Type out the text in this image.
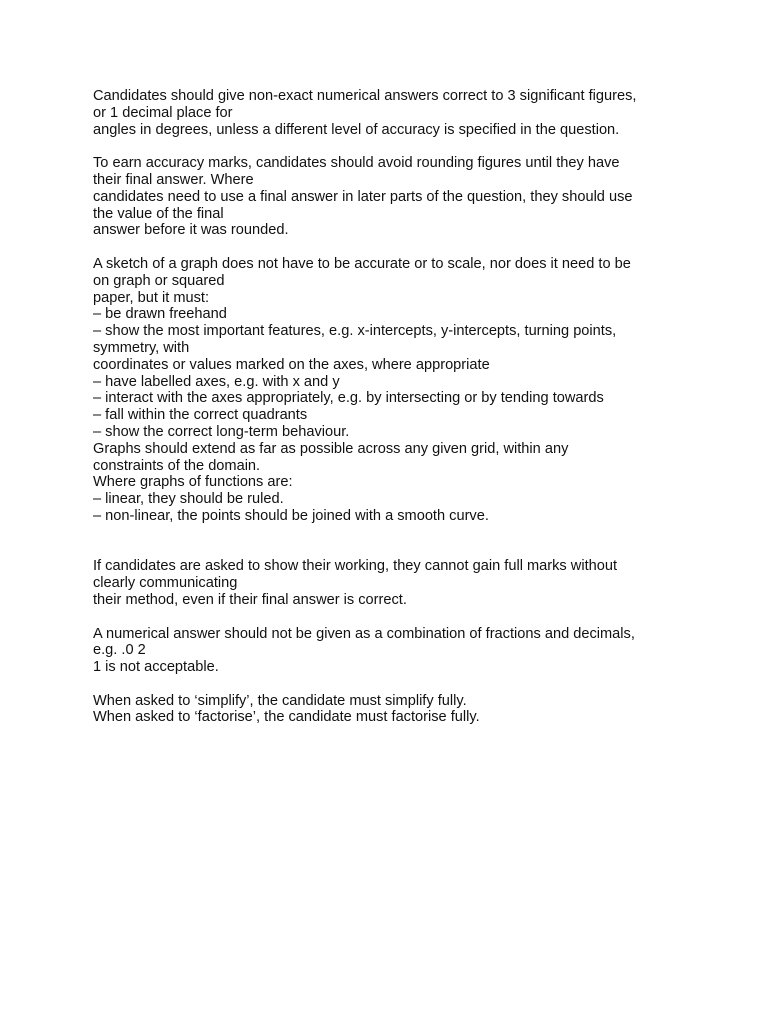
Candidates should give non-exact numerical answers correct to 3 significant figures,
or 1 decimal place for
angles in degrees, unless a different level of accuracy is specified in the question.
To earn accuracy marks, candidates should avoid rounding figures until they have
their final answer. Where
candidates need to use a final answer in later parts of the question, they should use
the value of the final
answer before it was rounded.
A sketch of a graph does not have to be accurate or to scale, nor does it need to be
on graph or squared
paper, but it must:
– be drawn freehand
– show the most important features, e.g. x-intercepts, y-intercepts, turning points,
symmetry, with
coordinates or values marked on the axes, where appropriate
– have labelled axes, e.g. with x and y
– interact with the axes appropriately, e.g. by intersecting or by tending towards
– fall within the correct quadrants
– show the correct long-term behaviour.
Graphs should extend as far as possible across any given grid, within any
constraints of the domain.
Where graphs of functions are:
– linear, they should be ruled.
– non-linear, the points should be joined with a smooth curve.
If candidates are asked to show their working, they cannot gain full marks without
clearly communicating
their method, even if their final answer is correct.
A numerical answer should not be given as a combination of fractions and decimals,
e.g. .0 2
1 is not acceptable.
When asked to ‘simplify’, the candidate must simplify fully.
When asked to ‘factorise’, the candidate must factorise fully.
